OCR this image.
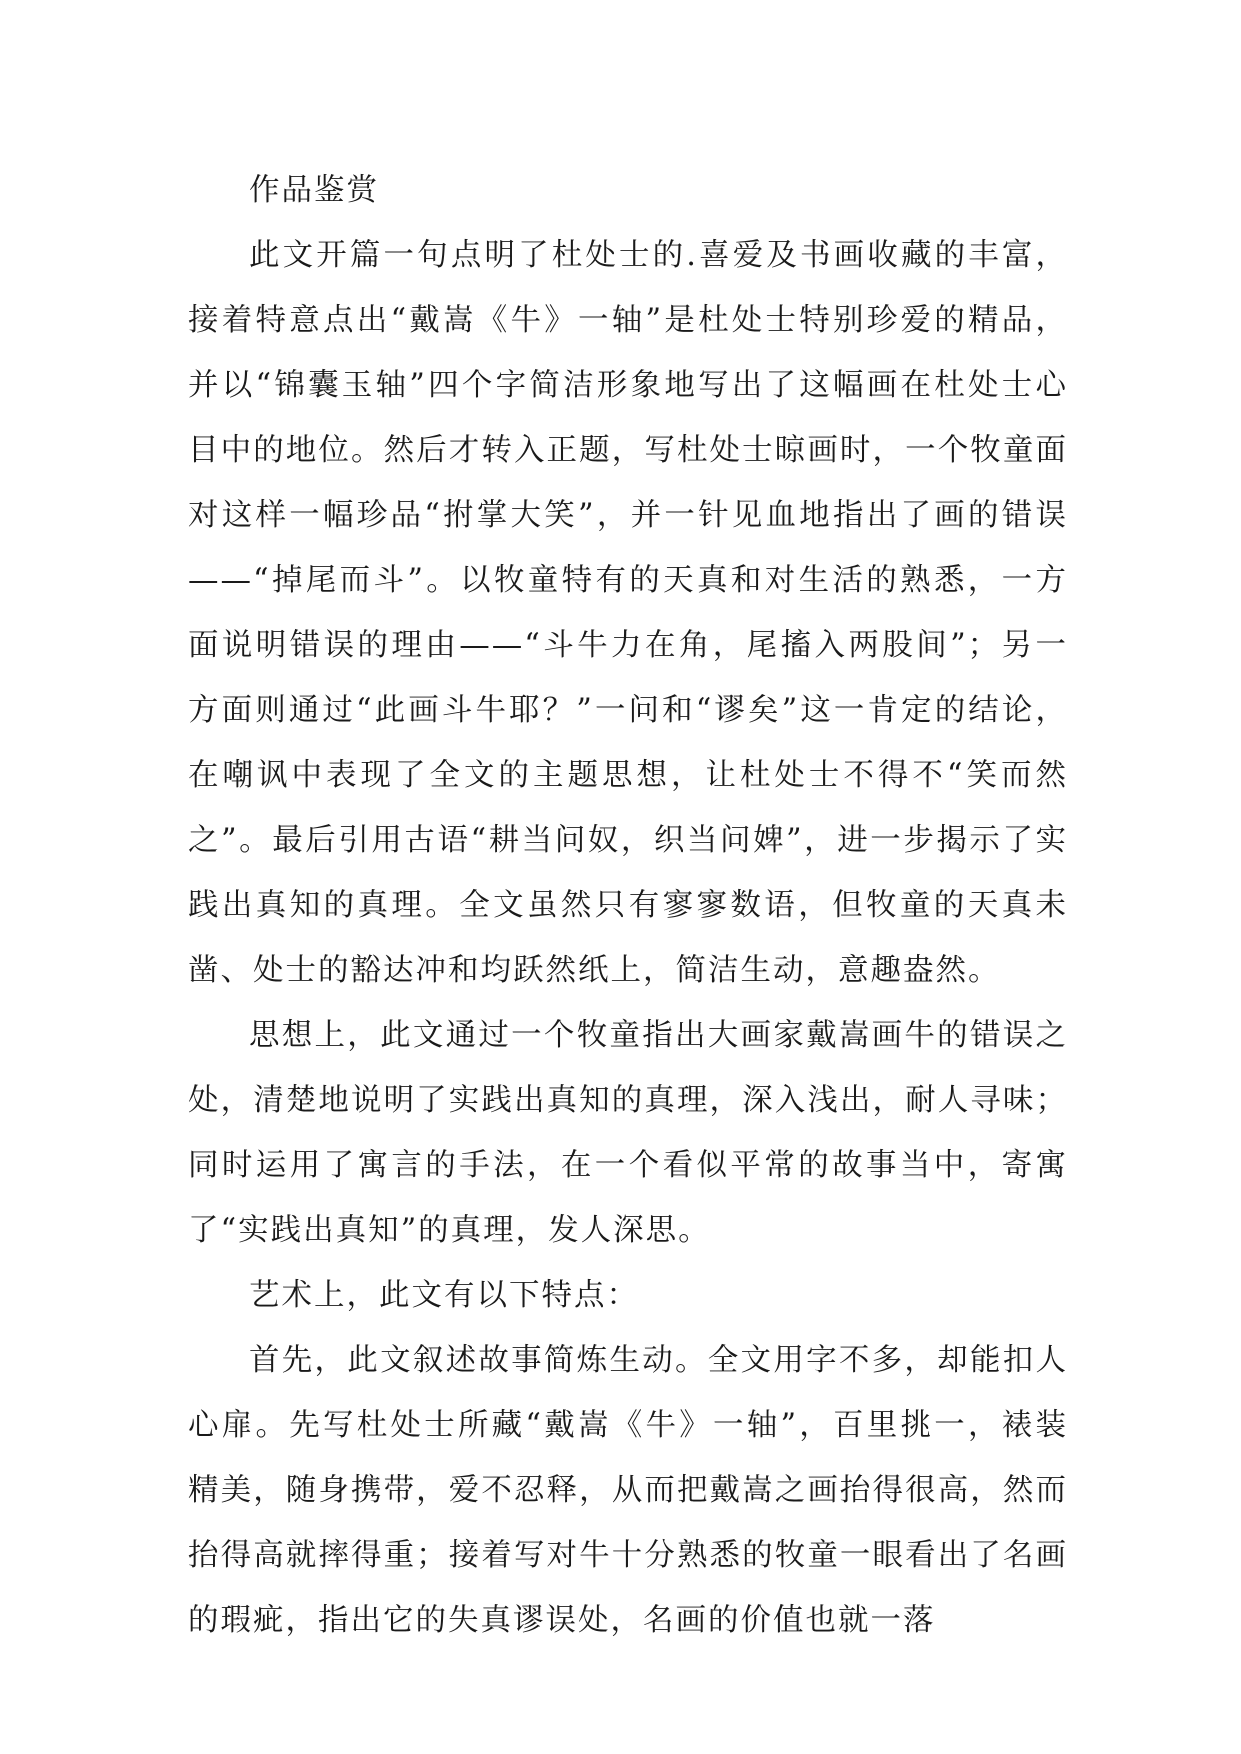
作品鉴赏

此文开篇一句点明了杜处士的.喜爱及书画收藏的丰富，接着特意点出“戴嵩《牛》一轴”是杜处士特别珍爱的精品，并以“锦囊玉轴”四个字简洁形象地写出了这幅画在杜处士心目中的地位。然后才转入正题，写杜处士晾画时，一个牧童面对这样一幅珍品“拊掌大笑”，并一针见血地指出了画的错误——“掉尾而斗”。以牧童特有的天真和对生活的熟悉，一方面说明错误的理由——“斗牛力在角，尾搐入两股间”；另一方面则通过“此画斗牛耶？”一问和“谬矣”这一肯定的结论，在嘲讽中表现了全文的主题思想，让杜处士不得不“笑而然之”。最后引用古语“耕当问奴，织当问婢”，进一步揭示了实践出真知的真理。全文虽然只有寥寥数语，但牧童的天真未凿、处士的豁达冲和均跃然纸上，简洁生动，意趣盎然。

思想上，此文通过一个牧童指出大画家戴嵩画牛的错误之处，清楚地说明了实践出真知的真理，深入浅出，耐人寻味；同时运用了寓言的手法，在一个看似平常的故事当中，寄寓了“实践出真知”的真理，发人深思。

艺术上，此文有以下特点：

首先，此文叙述故事简炼生动。全文用字不多，却能扣人心扉。先写杜处士所藏“戴嵩《牛》一轴”，百里挑一，裱装精美，随身携带，爱不忍释，从而把戴嵩之画抬得很高，然而抬得高就摔得重；接着写对牛十分熟悉的牧童一眼看出了名画的瑕疵，指出它的失真谬误处，名画的价值也就一落
